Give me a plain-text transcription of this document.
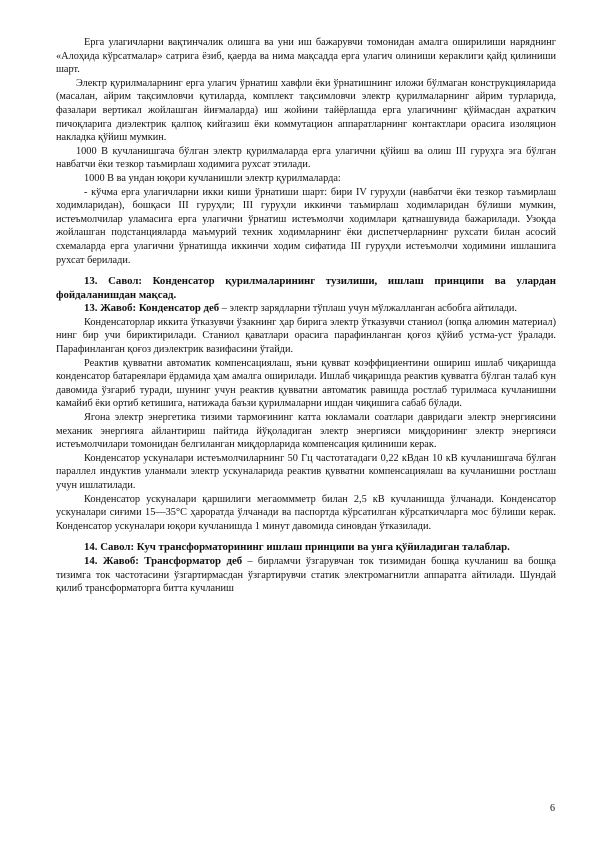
Ерга улагичларни вақтинчалик олишга ва уни иш бажарувчи томонидан амалга оширилиши наряднинг «Алоҳида кўрсатмалар» сатрига ёзиб, қаерда ва нима мақсадда ерга улагич олиниши кераклиги қайд қилиниши шарт.

Электр қурилмаларнинг ерга улагич ўрнатиш хавфли ёки ўрнатишнинг иложи бўлмаган конструкцияларида (масалан, айрим тақсимловчи қутиларда, комплект тақсимловчи электр қурилмаларнинг айрим турларида, фазалари вертикал жойлашган йиғмаларда) иш жойини тайёрлашда ерга улагичнинг қўймасдан аҳраткич пичоқларига диэлектрик қалпоқ кийгазиш ёки коммутацион аппаратларнинг контактлари орасига изоляцион накладка қўйиш мумкин.

1000 В кучланишгача бўлган электр қурилмаларда ерга улагични қўйиш ва олиш III гуруҳга эга бўлган навбатчи ёки тезкор таъмирлаш ходимига рухсат этилади.

1000 В ва ундан юқори кучланишли электр қурилмаларда:

- кўчма ерга улагичларни икки киши ўрнатиши шарт: бири IV гуруҳли (навбатчи ёки тезкор таъмирлаш ходимларидан), бошқаси III гуруҳли; III гуруҳли иккинчи таъмирлаш ходимларидан бўлиши мумкин, истеъмолчилар уламасига ерга улагични ўрнатиш истеъмолчи ходимлари қатнашувида бажарилади. Узоқда жойлашган подстанцияларда маъмурий техник ходимларнинг ёки диспетчерларнинг рухсати билан асосий схемаларда ерга улагични ўрнатишда иккинчи ходим сифатида III гуруҳли истеъмолчи ходимини ишлашига рухсат берилади.

13. Савол: Конденсатор қурилмаларининг тузилиши, ишлаш принципи ва улардан фойдаланишдан мақсад.

13. Жавоб: Конденсатор деб – электр зарядларни тўплаш учун мўлжалланган асбобга айтилади.

Конденсаторлар иккита ўтказувчи ўзакнинг ҳар бирига электр ўтказувчи станиол (юпқа алюмин материал) нинг бир учи бириктирилади. Станиол қаватлари орасига парафинланган қоғоз қўйиб устма-уст ўралади. Парафинланган қоғоз диэлектрик вазифасини ўтайди.

Реактив қувватни автоматик компенсациялаш, яъни қувват коэффициентини ошириш ишлаб чиқаришда конденсатор батареялари ёрдамида ҳам амалга оширилади. Ишлаб чиқаришда реактив қувватга бўлган талаб кун давомида ўзгариб туради, шунинг учун реактив қувватни автоматик равишда ростлаб турилмаса кучланишни камайиб ёки ортиб кетишига, натижада баъзи қурилмаларни ишдан чиқишига сабаб бўлади.

Ягона электр энергетика тизими тармоғининг катта юкламали соатлари давридаги электр энергиясини механик энергияга айлантириш пайтида йўқоладиган электр энергияси миқдорининг электр энергияси истеъмолчилари томонидан белгиланган миқдорларида компенсация қилиниши керак.

Конденсатор ускуналари истеъмолчиларнинг 50 Гц частотатадаги 0,22 кВдан 10 кВ кучланишгача бўлган параллел индуктив уланмали электр ускуналарида реактив қувватни компенсациялаш ва кучланишни ростлаш учун ишлатилади.

Конденсатор ускуналари қаршилиги мегаоммметр билан 2,5 кВ кучланишда ўлчанади. Конденсатор ускуналари сиғими 15—35°С ҳароратда ўлчанади ва паспортда кўрсатилган кўрсаткичларга мос бўлиши керак. Конденсатор ускуналари юқори кучланишда 1 минут давомида синовдан ўтказилади.

14. Савол: Куч трансформаторининг ишлаш принципи ва унга қўйиладиган талаблар.

14. Жавоб: Трансформатор деб – бирламчи ўзгарувчан ток тизимидан бошқа кучланиш ва бошқа тизимга ток частотасини ўзгартирмасдан ўзгартирувчи статик электромагнитли аппаратга айтилади. Шундай қилиб трансформаторга битта кучланиш

6
